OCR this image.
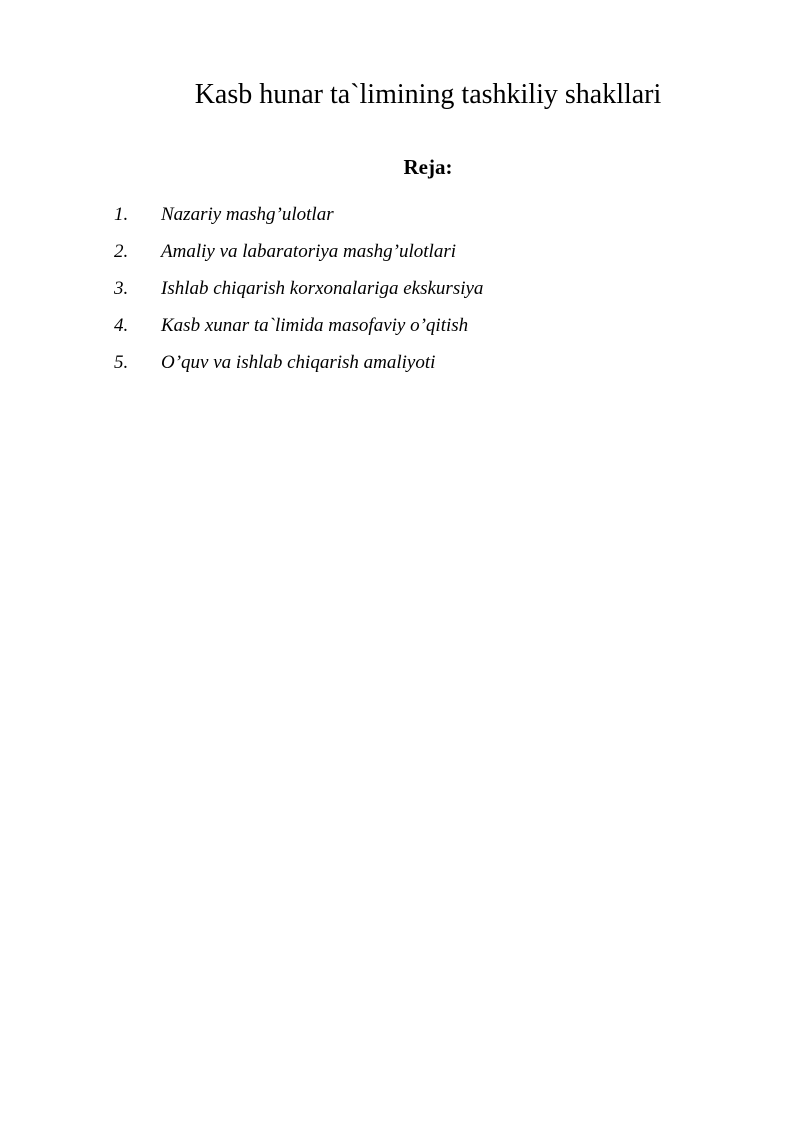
Kasb hunar ta`limining tashkiliy shakllari
Reja:
1.	Nazariy mashg’ulotlar
2.	Amaliy va labaratoriya mashg’ulotlari
3.	Ishlab chiqarish korxonalariga ekskursiya
4.	Kasb xunar ta`limida masofaviy o’qitish
5.	O’quv va ishlab chiqarish amaliyoti
